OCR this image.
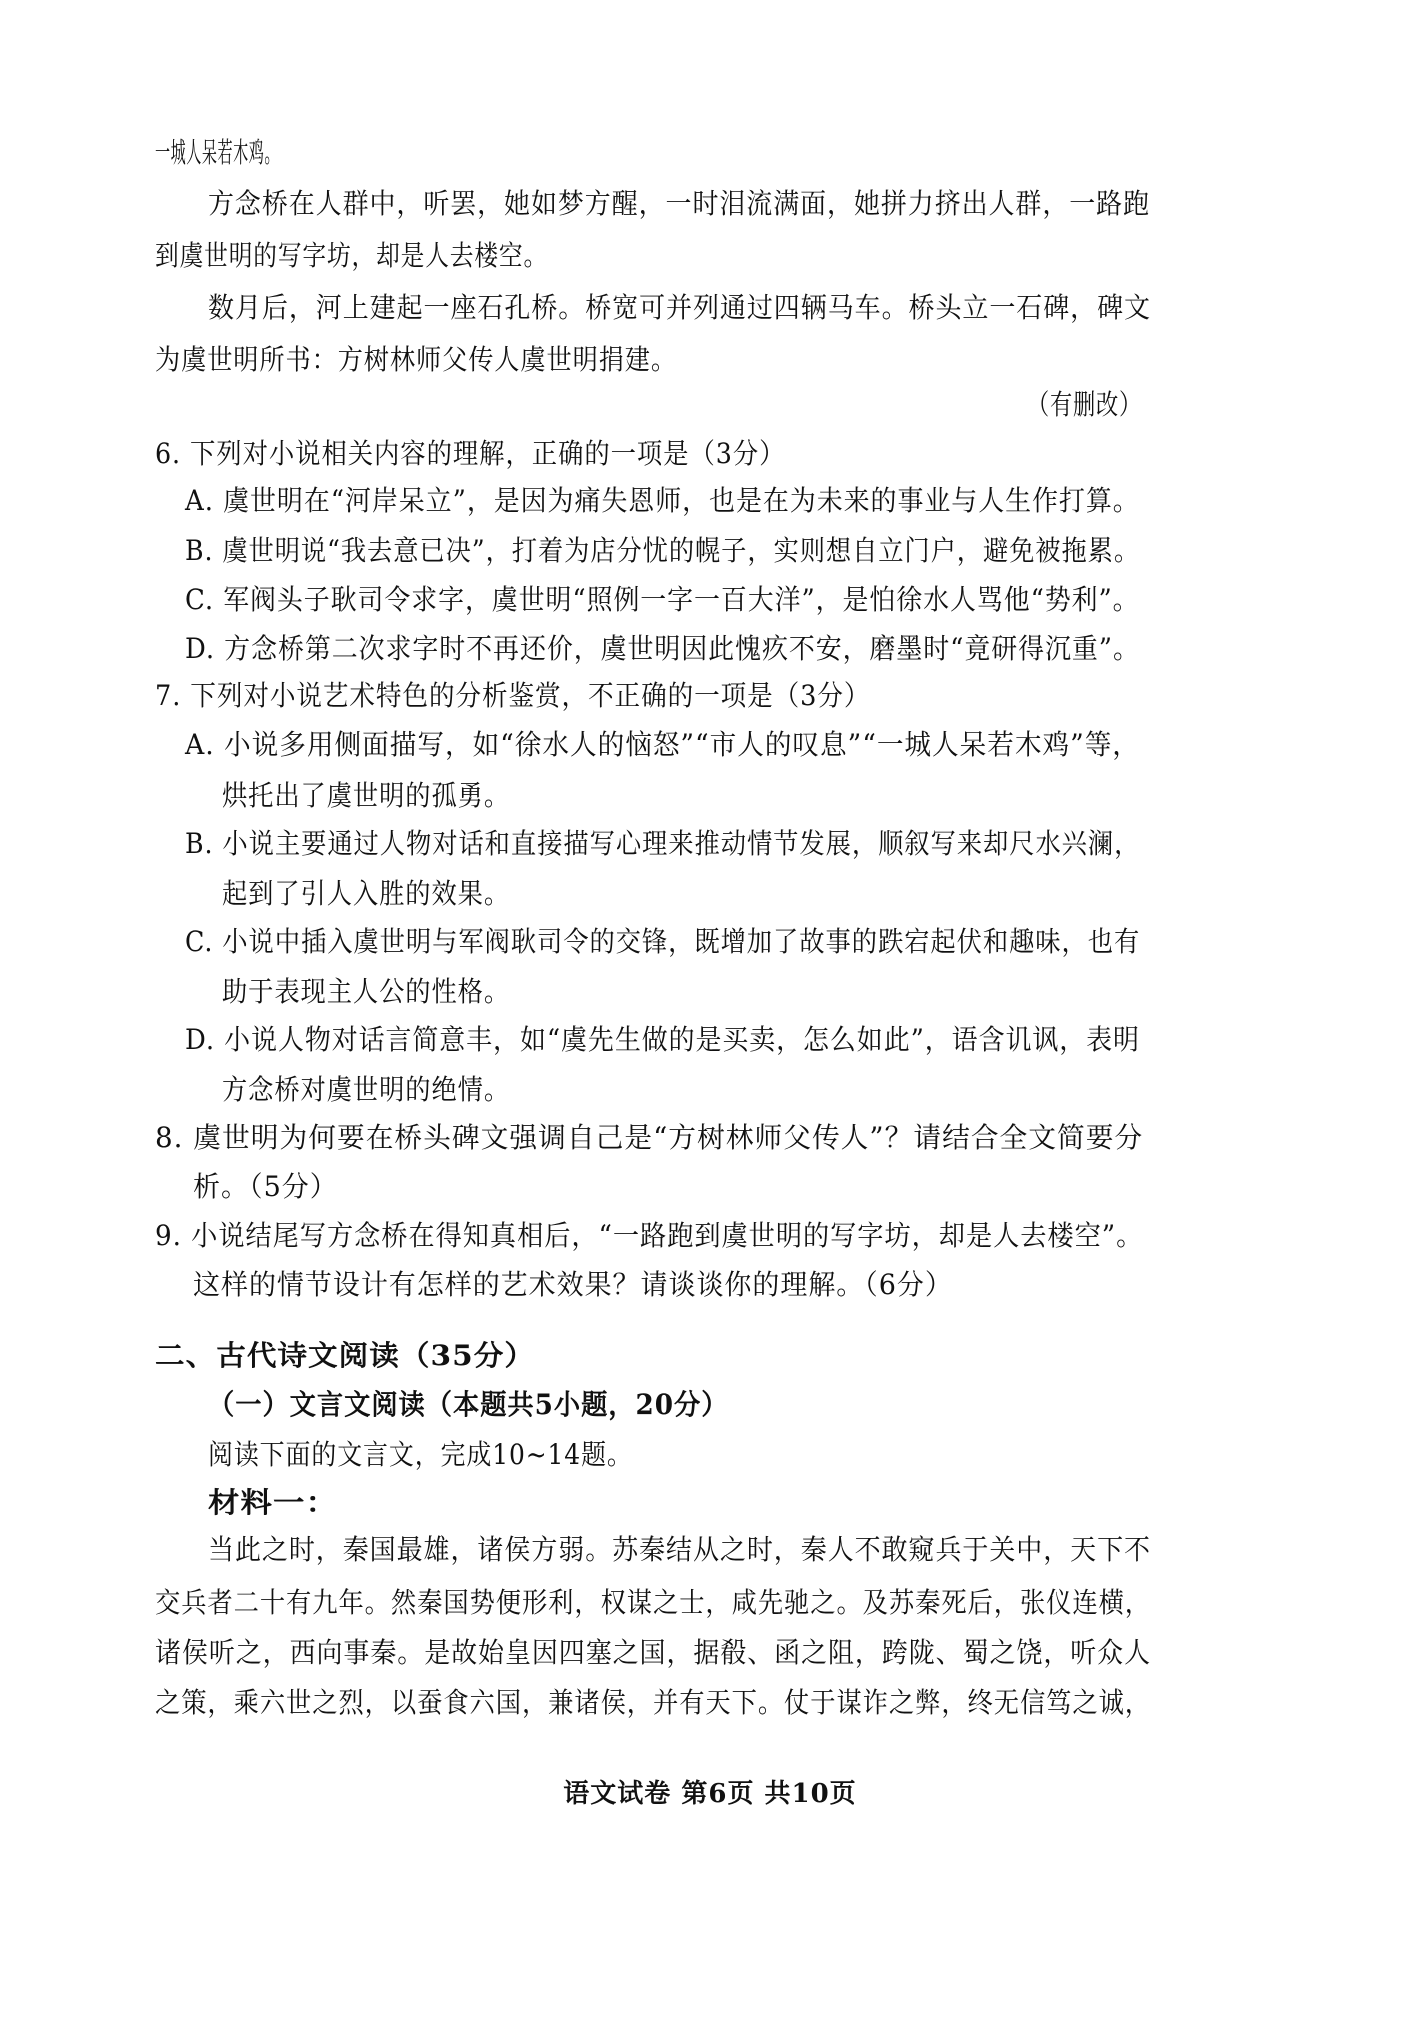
一城人呆若木鸡。
方念桥在人群中，听罢，她如梦方醒，一时泪流满面，她拼力挤出人群，一路跑
到虞世明的写字坊，却是人去楼空。
数月后，河上建起一座石孔桥。桥宽可并列通过四辆马车。桥头立一石碑，碑文
为虞世明所书：方树林师父传人虞世明捐建。
（有删改）
6. 下列对小说相关内容的理解，正确的一项是（3分）
A. 虞世明在“河岸呆立”，是因为痛失恩师，也是在为未来的事业与人生作打算。
B. 虞世明说“我去意已决”，打着为店分忧的幌子，实则想自立门户，避免被拖累。
C. 军阀头子耿司令求字，虞世明“照例一字一百大洋”，是怕徐水人骂他“势利”。
D. 方念桥第二次求字时不再还价，虞世明因此愧疚不安，磨墨时“竟研得沉重”。
7. 下列对小说艺术特色的分析鉴赏，不正确的一项是（3分）
A. 小说多用侧面描写，如“徐水人的恼怒”“市人的叹息”“一城人呆若木鸡”等，
烘托出了虞世明的孤勇。
B. 小说主要通过人物对话和直接描写心理来推动情节发展，顺叙写来却尺水兴澜，
起到了引人入胜的效果。
C. 小说中插入虞世明与军阀耿司令的交锋，既增加了故事的跌宕起伏和趣味，也有
助于表现主人公的性格。
D. 小说人物对话言简意丰，如“虞先生做的是买卖，怎么如此”，语含讥讽，表明
方念桥对虞世明的绝情。
8. 虞世明为何要在桥头碑文强调自己是“方树林师父传人”？请结合全文简要分
析。（5分）
9. 小说结尾写方念桥在得知真相后，“一路跑到虞世明的写字坊，却是人去楼空”。
这样的情节设计有怎样的艺术效果？请谈谈你的理解。（6分）
二、古代诗文阅读（35分）
（一）文言文阅读（本题共5小题，20分）
阅读下面的文言文，完成10~14题。
材料一：
当此之时，秦国最雄，诸侯方弱。苏秦结从之时，秦人不敢窥兵于关中，天下不
交兵者二十有九年。然秦国势便形利，权谋之士，咸先驰之。及苏秦死后，张仪连横，
诸侯听之，西向事秦。是故始皇因四塞之国，据殽、函之阻，跨陇、蜀之饶，听众人
之策，乘六世之烈，以蚕食六国，兼诸侯，并有天下。仗于谋诈之弊，终无信笃之诚，
语文试卷 第6页 共10页
